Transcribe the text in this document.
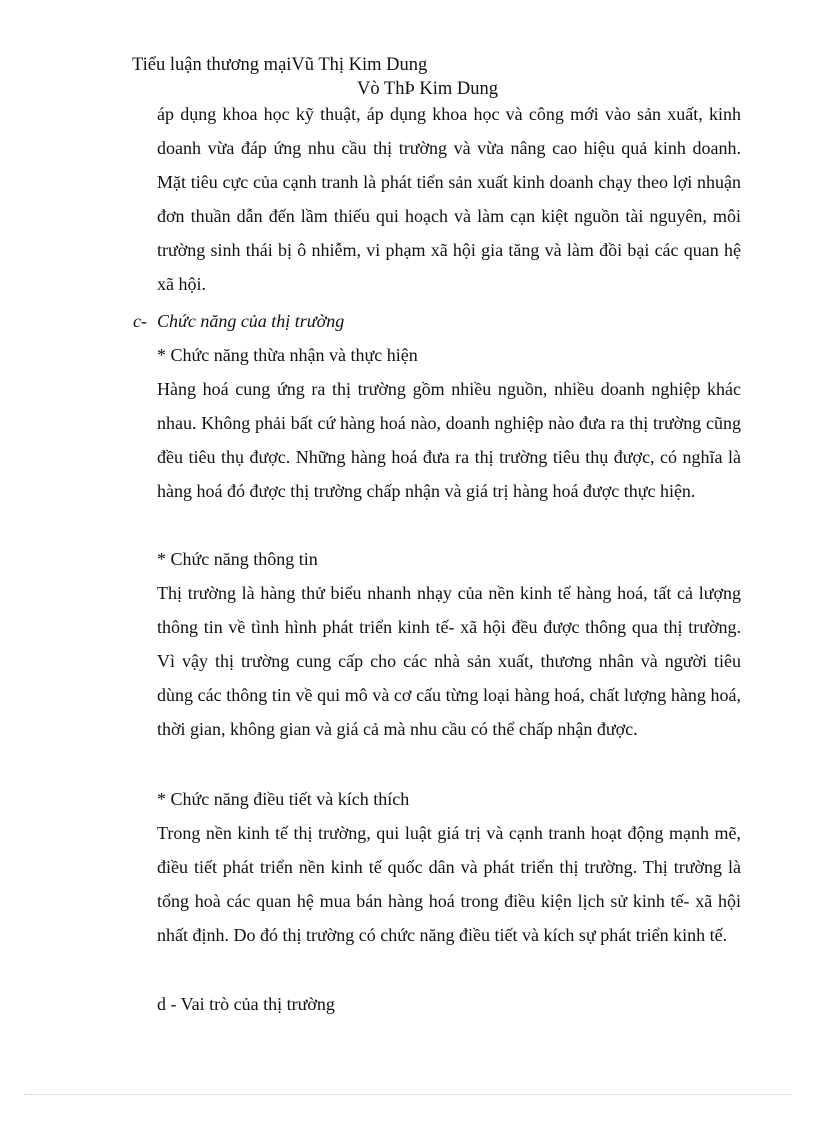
Tiểu luận thương mạiVũ Thị Kim Dung
Vò ThÞ Kim Dung
áp dụng khoa học kỹ thuật, áp dụng khoa học và công mới vào sản xuất, kinh doanh vừa đáp ứng nhu cầu thị trường và vừa nâng cao hiệu quả kinh doanh. Mặt tiêu cực của cạnh tranh là phát tiển sản xuất kinh doanh chạy theo lợi nhuận đơn thuần dẫn đến lầm thiếu qui hoạch và làm cạn kiệt nguồn tài nguyên, môi trường sinh thái bị ô nhiễm, vi phạm xã hội gia tăng và làm đồi bại các quan hệ xã hội.
c- Chức năng của thị trường
* Chức năng thừa nhận và thực hiện
Hàng hoá cung ứng ra thị trường gồm nhiều nguồn, nhiều doanh nghiệp khác nhau. Không phải bất cứ hàng hoá nào, doanh nghiệp nào đưa ra thị trường cũng đều tiêu thụ được. Những hàng hoá đưa ra thị trường tiêu thụ được, có nghĩa là hàng hoá đó được thị trường chấp nhận và giá trị hàng hoá được thực hiện.
* Chức năng thông tin
Thị trường là hàng thử biểu nhanh nhạy của nền kinh tế hàng hoá, tất cả lượng thông tin về tình hình phát triển kinh tế- xã hội đều được thông qua thị trường. Vì vậy thị trường cung cấp cho các nhà sản xuất, thương nhân và người tiêu dùng các thông tin về qui mô và cơ cấu từng loại hàng hoá, chất lượng hàng hoá, thời gian, không gian và giá cả mà nhu cầu có thể chấp nhận được.
* Chức năng điều tiết và kích thích
Trong nền kinh tế thị trường, qui luật giá trị và cạnh tranh hoạt động mạnh mẽ, điều tiết phát triển nền kinh tế quốc dân và phát triển thị trường. Thị trường là tổng hoà các quan hệ mua bán hàng hoá trong điều kiện lịch sử kinh tế- xã hội nhất định. Do đó thị trường có chức năng điều tiết và kích sự phát triển kinh tế.
d - Vai trò của thị trường
